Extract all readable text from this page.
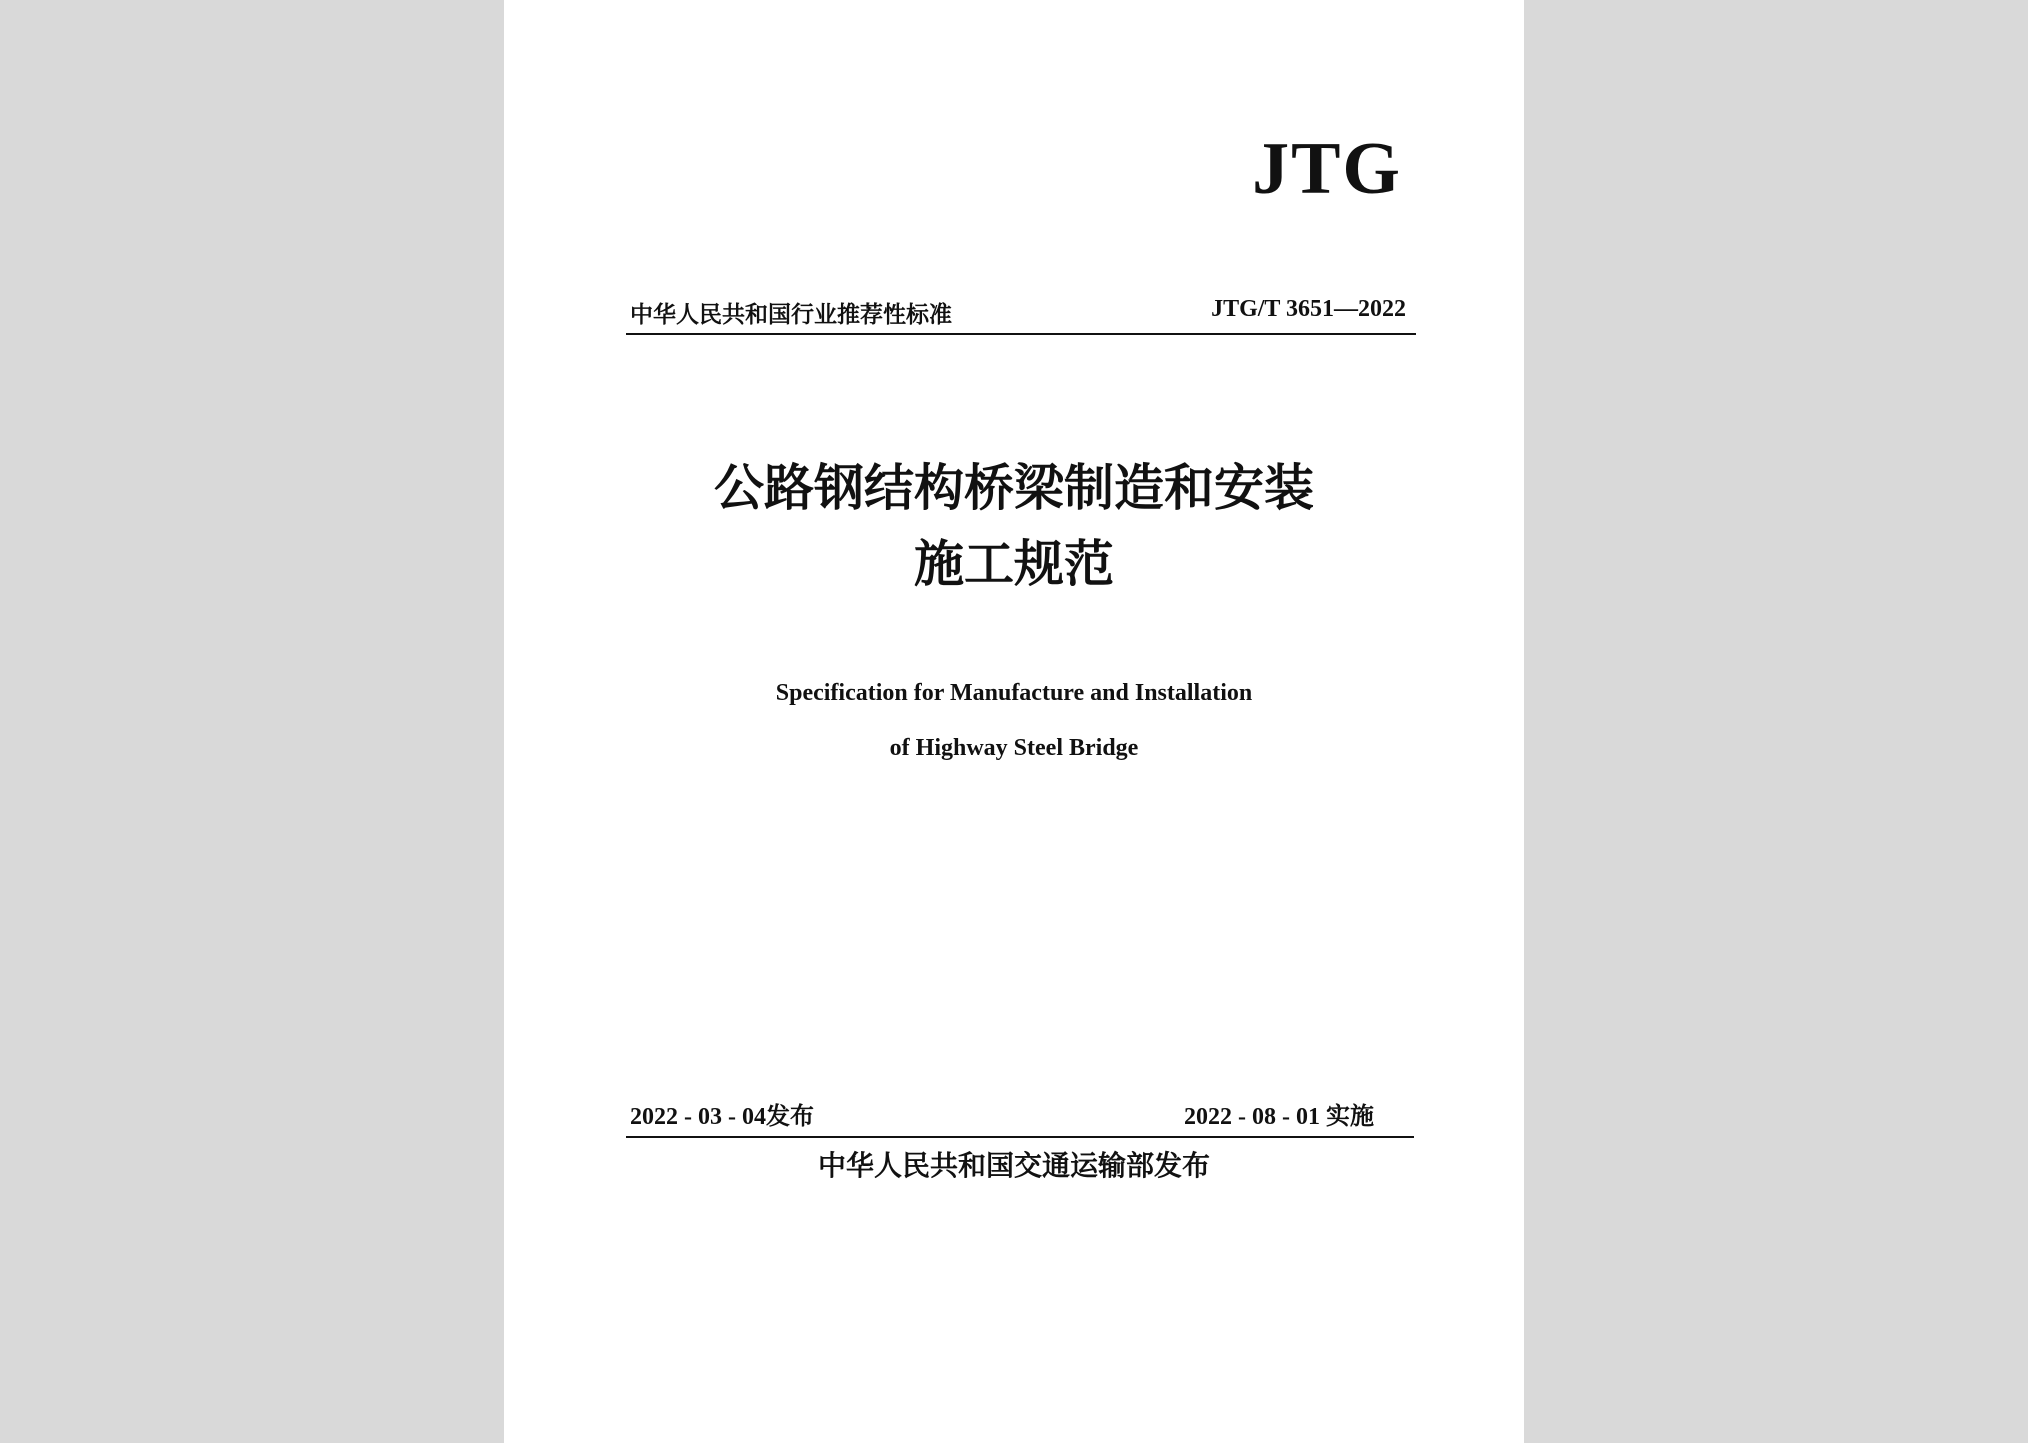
JTG
中华人民共和国行业推荐性标准	JTG/T 3651—2022
公路钢结构桥梁制造和安装
施工规范
Specification for Manufacture and Installation
of Highway Steel Bridge
2022 - 03 - 04发布	2022 - 08 - 01 实施
中华人民共和国交通运输部发布
